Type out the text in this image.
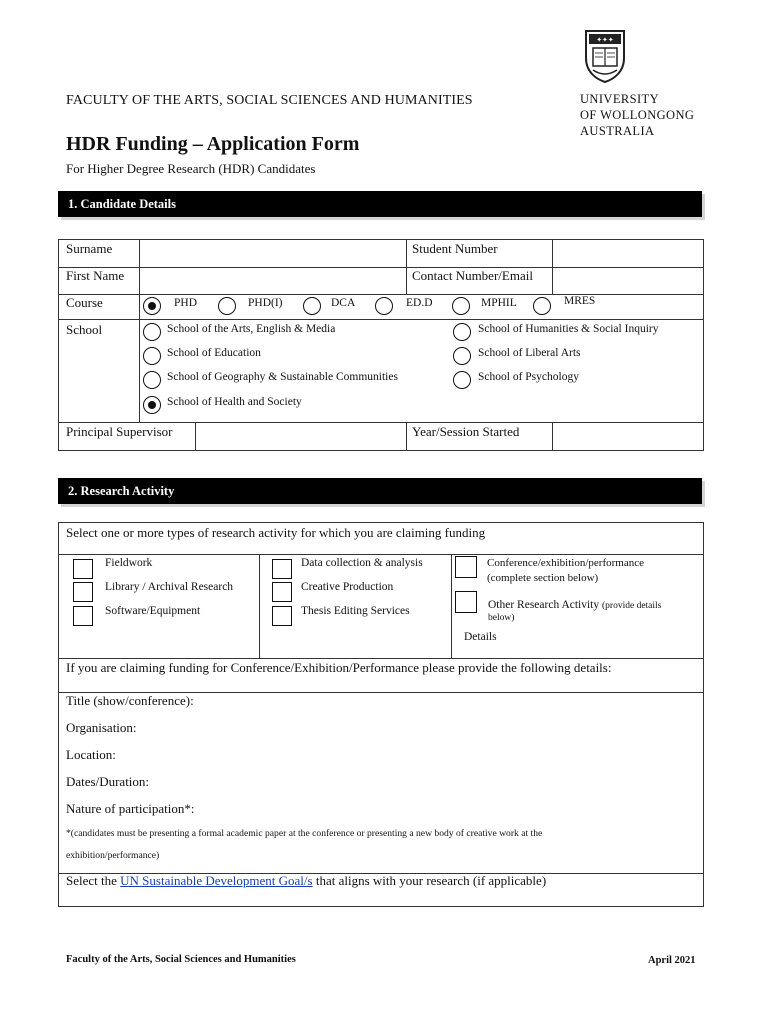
FACULTY OF THE ARTS, SOCIAL SCIENCES AND HUMANITIES
✦✦✦
UNIVERSITY
OF WOLLONGONG
AUSTRALIA
HDR Funding – Application Form
For Higher Degree Research (HDR) Candidates
1. Candidate Details
Surname	Student Number
First Name	Contact Number/Email
Course	PHD	PHD(I)	DCA	ED.D	MPHIL	MRES
School	School of the Arts, English & Media	School of Humanities & Social Inquiry
School of Education	School of Liberal Arts
School of Geography & Sustainable Communities	School of Psychology
School of Health and Society
Principal Supervisor	Year/Session Started
2. Research Activity
Select one or more types of research activity for which you are claiming funding
Fieldwork
Library / Archival Research
Software/Equipment
Data collection & analysis
Creative Production
Thesis Editing Services
Conference/exhibition/performance
(complete section below)
Other Research Activity (provide details
below)
Details
If you are claiming funding for Conference/Exhibition/Performance please provide the following details:
Title (show/conference):
Organisation:
Location:
Dates/Duration:
Nature of participation*:
*(candidates must be presenting a formal academic paper at the conference or presenting a new body of creative work at the
exhibition/performance)
Select the UN Sustainable Development Goal/s that aligns with your research (if applicable)
Faculty of the Arts, Social Sciences and Humanities	April 2021
